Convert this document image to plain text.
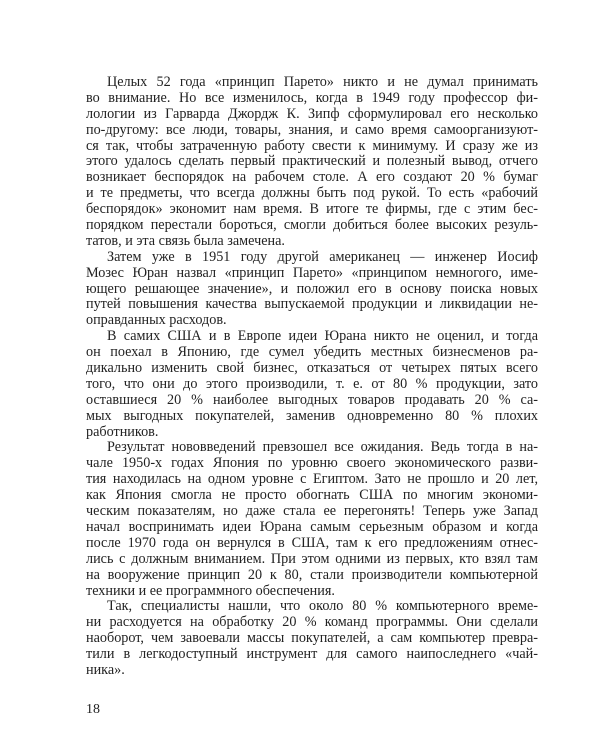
Целых 52 года «принцип Парето» никто и не думал принимать
во внимание. Но все изменилось, когда в 1949 году профессор фи-
лологии из Гарварда Джордж К. Зипф сформулировал его несколько
по-другому: все люди, товары, знания, и само время самоорганизуют-
ся так, чтобы затраченную работу свести к минимуму. И сразу же из
этого удалось сделать первый практический и полезный вывод, отчего
возникает беспорядок на рабочем столе. А его создают 20 % бумаг
и те предметы, что всегда должны быть под рукой. То есть «рабочий
беспорядок» экономит нам время. В итоге те фирмы, где с этим бес-
порядком перестали бороться, смогли добиться более высоких резуль-
татов, и эта связь была замечена.
Затем уже в 1951 году другой американец — инженер Иосиф
Мозес Юран назвал «принцип Парето» «принципом немногого, име-
ющего решающее значение», и положил его в основу поиска новых
путей повышения качества выпускаемой продукции и ликвидации не-
оправданных расходов.
В самих США и в Европе идеи Юрана никто не оценил, и тогда
он поехал в Японию, где сумел убедить местных бизнесменов ра-
дикально изменить свой бизнес, отказаться от четырех пятых всего
того, что они до этого производили, т. е. от 80 % продукции, зато
оставшиеся 20 % наиболее выгодных товаров продавать 20 % са-
мых выгодных покупателей, заменив одновременно 80 % плохих
работников.
Результат нововведений превзошел все ожидания. Ведь тогда в на-
чале 1950-х годах Япония по уровню своего экономического разви-
тия находилась на одном уровне с Египтом. Зато не прошло и 20 лет,
как Япония смогла не просто обогнать США по многим экономи-
ческим показателям, но даже стала ее перегонять! Теперь уже Запад
начал воспринимать идеи Юрана самым серьезным образом и когда
после 1970 года он вернулся в США, там к его предложениям отнес-
лись с должным вниманием. При этом одними из первых, кто взял там
на вооружение принцип 20 к 80, стали производители компьютерной
техники и ее программного обеспечения.
Так, специалисты нашли, что около 80 % компьютерного време-
ни расходуется на обработку 20 % команд программы. Они сделали
наоборот, чем завоевали массы покупателей, а сам компьютер превра-
тили в легкодоступный инструмент для самого наипоследнего «чай-
ника».
18
